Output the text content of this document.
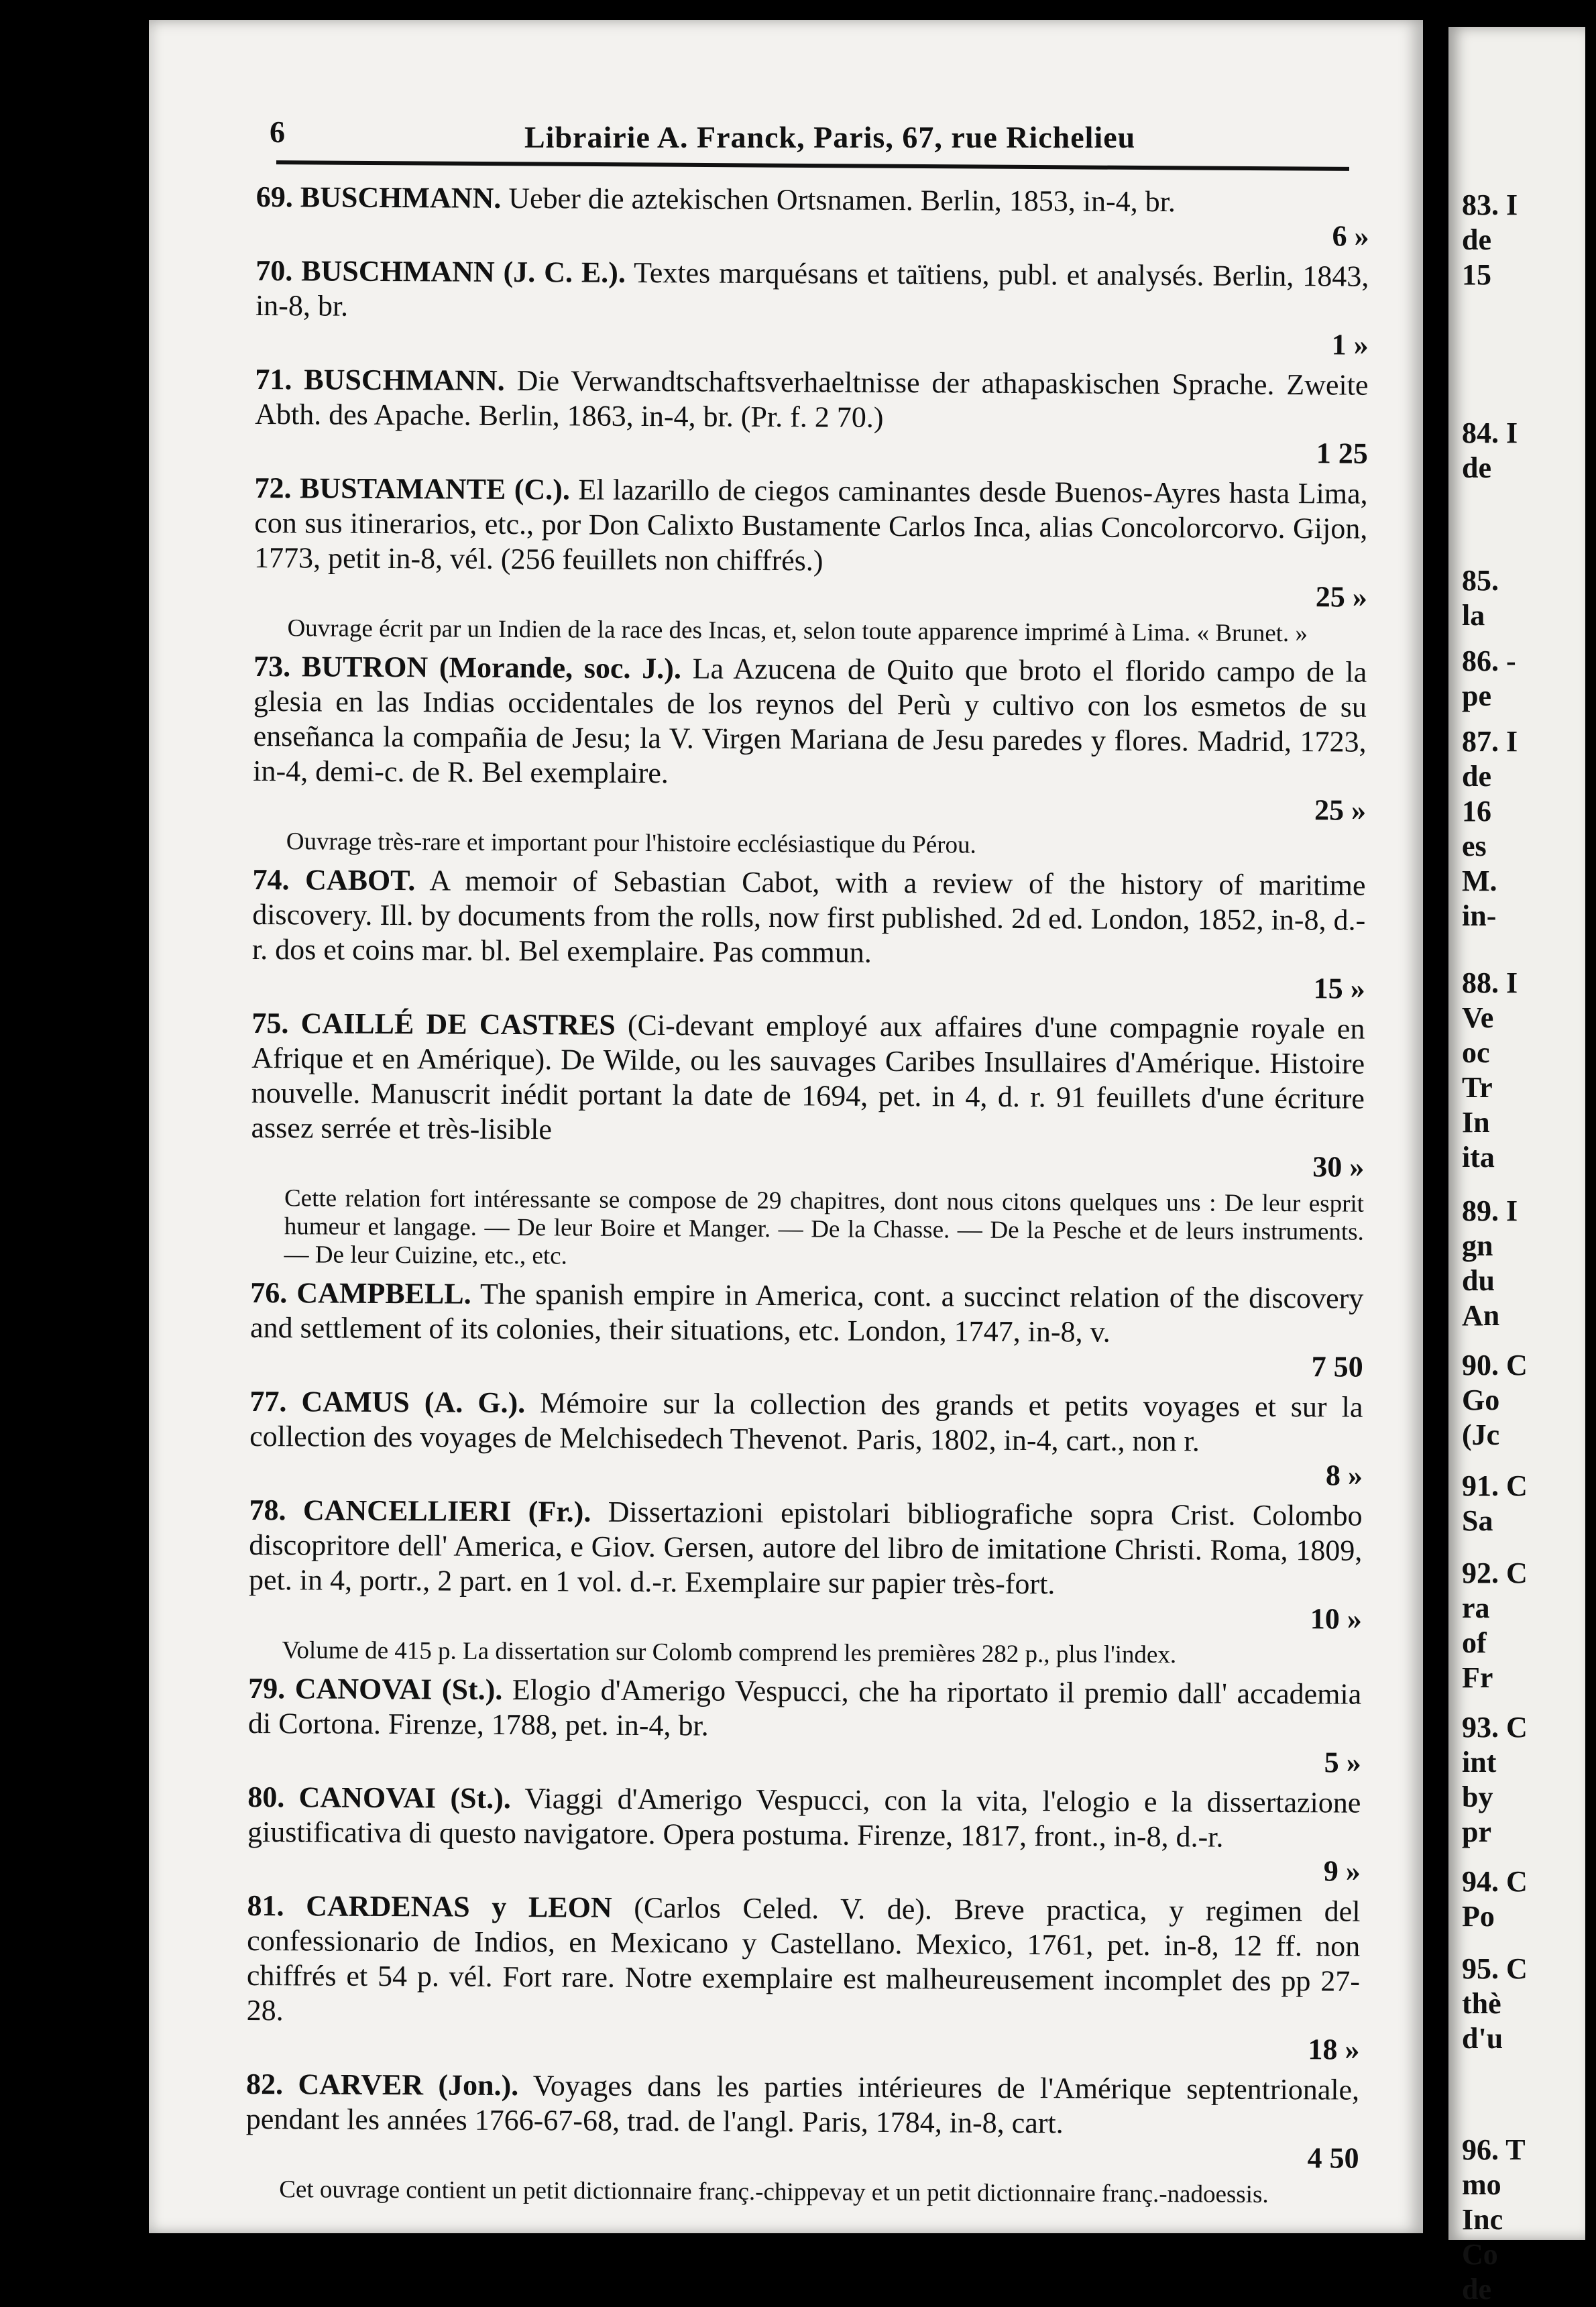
6	Librairie A. Franck, Paris, 67, rue Richelieu
69. BUSCHMANN. Ueber die aztekischen Ortsnamen. Berlin, 1853, in-4, br.
6 »
70. BUSCHMANN (J. C. E.). Textes marquésans et taïtiens, publ. et analysés. Berlin, 1843, in-8, br.
1 »
71. BUSCHMANN. Die Verwandtschaftsverhaeltnisse der athapaskischen Sprache. Zweite Abth. des Apache. Berlin, 1863, in-4, br. (Pr. f. 2 70.)
1 25
72. BUSTAMANTE (C.). El lazarillo de ciegos caminantes desde Buenos-Ayres hasta Lima, con sus itinerarios, etc., por Don Calixto Bustamente Carlos Inca, alias Concolorcorvo. Gijon, 1773, petit in-8, vél. (256 feuillets non chiffrés.)
25 »
Ouvrage écrit par un Indien de la race des Incas, et, selon toute apparence imprimé à Lima. « Brunet. »
73. BUTRON (Morande, soc. J.). La Azucena de Quito que broto el florido campo de la glesia en las Indias occidentales de los reynos del Perù y cultivo con los esmetos de su enseñanca la compañia de Jesu; la V. Virgen Mariana de Jesu paredes y flores. Madrid, 1723, in-4, demi-c. de R. Bel exemplaire.
25 »
Ouvrage très-rare et important pour l'histoire ecclésiastique du Pérou.
74. CABOT. A memoir of Sebastian Cabot, with a review of the history of maritime discovery. Ill. by documents from the rolls, now first published. 2d ed. London, 1852, in-8, d.-r. dos et coins mar. bl. Bel exemplaire. Pas commun.
15 »
75. CAILLÉ DE CASTRES (Ci-devant employé aux affaires d'une compagnie royale en Afrique et en Amérique). De Wilde, ou les sauvages Caribes Insullaires d'Amérique. Histoire nouvelle. Manuscrit inédit portant la date de 1694, pet. in 4, d. r. 91 feuillets d'une écriture assez serrée et très-lisible
30 »
Cette relation fort intéressante se compose de 29 chapitres, dont nous citons quelques uns : De leur esprit humeur et langage. — De leur Boire et Manger. — De la Chasse. — De la Pesche et de leurs instruments. — De leur Cuizine, etc., etc.
76. CAMPBELL. The spanish empire in America, cont. a succinct relation of the discovery and settlement of its colonies, their situations, etc. London, 1747, in-8, v.
7 50
77. CAMUS (A. G.). Mémoire sur la collection des grands et petits voyages et sur la collection des voyages de Melchisedech Thevenot. Paris, 1802, in-4, cart., non r.
8 »
78. CANCELLIERI (Fr.). Dissertazioni epistolari bibliografiche sopra Crist. Colombo discopritore dell' America, e Giov. Gersen, autore del libro de imitatione Christi. Roma, 1809, pet. in 4, portr., 2 part. en 1 vol. d.-r. Exemplaire sur papier très-fort.
10 »
Volume de 415 p. La dissertation sur Colomb comprend les premières 282 p., plus l'index.
79. CANOVAI (St.). Elogio d'Amerigo Vespucci, che ha riportato il premio dall' accademia di Cortona. Firenze, 1788, pet. in-4, br.
5 »
80. CANOVAI (St.). Viaggi d'Amerigo Vespucci, con la vita, l'elogio e la dissertazione giustificativa di questo navigatore. Opera postuma. Firenze, 1817, front., in-8, d.-r.
9 »
81. CARDENAS y LEON (Carlos Celed. V. de). Breve practica, y regimen del confessionario de Indios, en Mexicano y Castellano. Mexico, 1761, pet. in-8, 12 ff. non chiffrés et 54 p. vél. Fort rare. Notre exemplaire est malheureusement incomplet des pp 27-28.
18 »
82. CARVER (Jon.). Voyages dans les parties intérieures de l'Amérique septentrionale, pendant les années 1766-67-68, trad. de l'angl. Paris, 1784, in-8, cart.
4 50
Cet ouvrage contient un petit dictionnaire franç.-chippevay et un petit dictionnaire franç.-nadoessis.
83. I
de
15
84. I
de
85.
la
86. -
pe
87. I
de
16
es
M.
in-
88. I
Ve
oc
Tr
In
ita
89. I
gn
du
An
90. C
Go
(Jc
91. C
Sa
92. C
ra
of
Fr
93. C
int
by
pr
94. C
Po
95. C
thè
d'u
96. T
mo
Inc
Co
de
